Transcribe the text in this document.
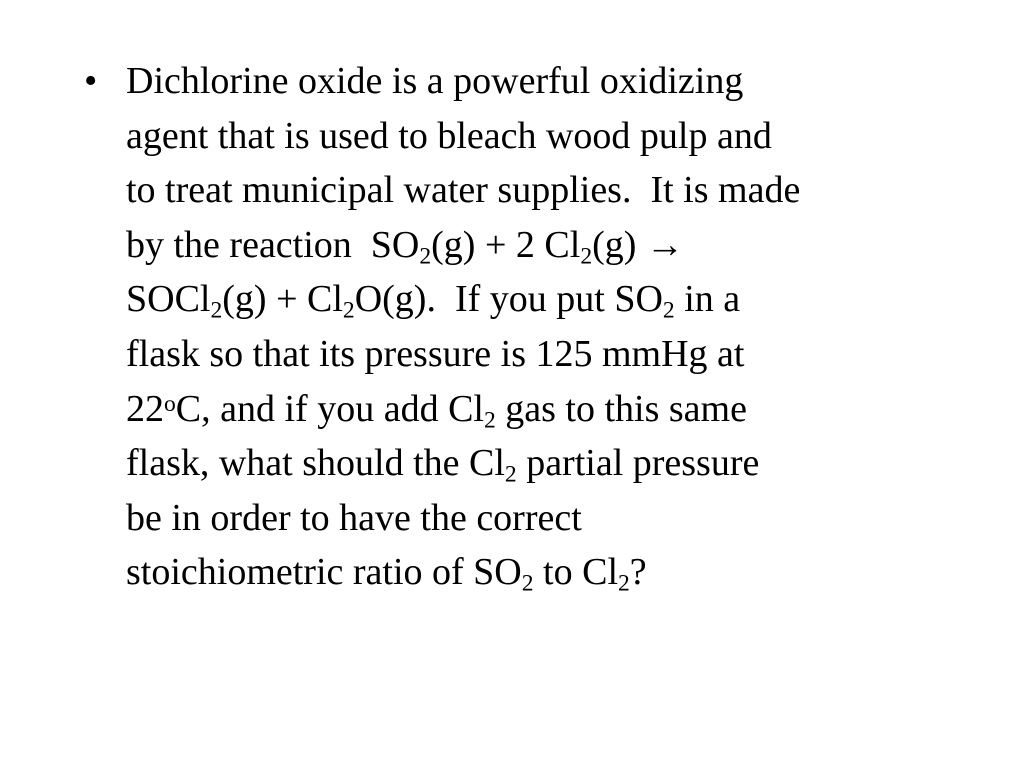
• Dichlorine oxide is a powerful oxidizing
agent that is used to bleach wood pulp and
to treat municipal water supplies.  It is made
by the reaction  $SO_2(g) + 2$ $Cl_2(g)$ →
SOCl$_2$(g) + $Cl_2O(g)$.  If you put $SO_2$ in a
flask so that its pressure is 125 mmHg at
22$^o$C, and if you add $Cl_2$ gas to this same
flask, what should the $Cl_2$ partial pressure
be in order to have the correct
stoichiometric ratio of $SO_2$ to $Cl_2$?
